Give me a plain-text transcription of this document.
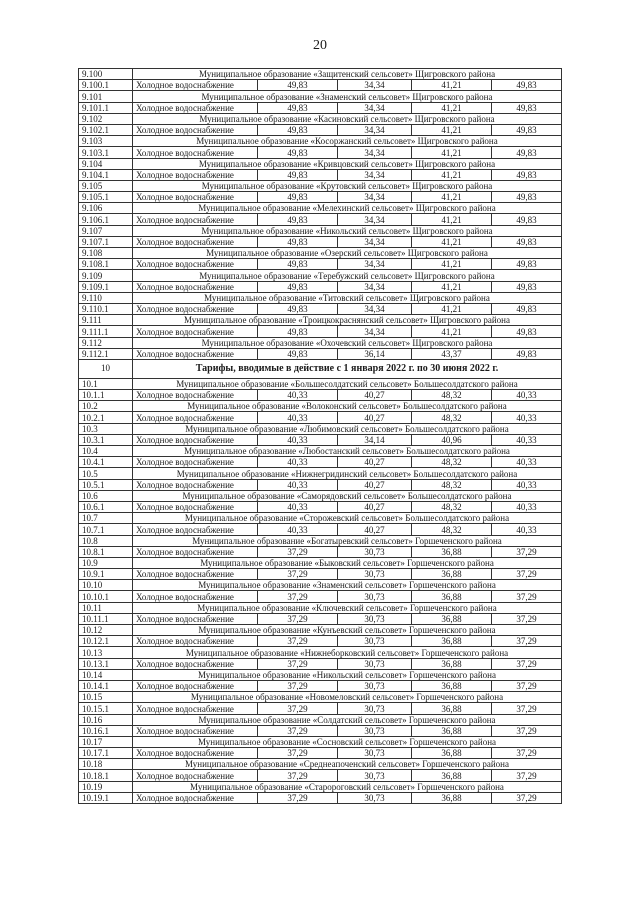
20
9.100	Муниципальное образование «Защитенский сельсовет» Щигровского района				
9.100.1	Холодное водоснабжение	49,83	34,34	41,21	49,83
9.101	Муниципальное образование «Знаменский сельсовет» Щигровского района				
9.101.1	Холодное водоснабжение	49,83	34,34	41,21	49,83
9.102	Муниципальное образование «Касиновский сельсовет» Щигровского района				
9.102.1	Холодное водоснабжение	49,83	34,34	41,21	49,83
9.103	Муниципальное образование «Косоржанский сельсовет» Щигровского района				
9.103.1	Холодное водоснабжение	49,83	34,34	41,21	49,83
9.104	Муниципальное образование «Кривцовский сельсовет» Щигровского района				
9.104.1	Холодное водоснабжение	49,83	34,34	41,21	49,83
9.105	Муниципальное образование «Крутовский сельсовет» Щигровского района				
9.105.1	Холодное водоснабжение	49,83	34,34	41,21	49,83
9.106	Муниципальное образование «Мелехинский сельсовет» Щигровского района				
9.106.1	Холодное водоснабжение	49,83	34,34	41,21	49,83
9.107	Муниципальное образование «Никольский сельсовет» Щигровского района				
9.107.1	Холодное водоснабжение	49,83	34,34	41,21	49,83
9.108	Муниципальное образование «Озерский сельсовет» Щигровского района				
9.108.1	Холодное водоснабжение	49,83	34,34	41,21	49,83
9.109	Муниципальное образование «Теребужский сельсовет» Щигровского района				
9.109.1	Холодное водоснабжение	49,83	34,34	41,21	49,83
9.110	Муниципальное образование «Титовский сельсовет» Щигровского района				
9.110.1	Холодное водоснабжение	49,83	34,34	41,21	49,83
9.111	Муниципальное образование «Троицкокраснянский сельсовет» Щигровского района				
9.111.1	Холодное водоснабжение	49,83	34,34	41,21	49,83
9.112	Муниципальное образование «Охочевский сельсовет» Щигровского района				
9.112.1	Холодное водоснабжение	49,83	36,14	43,37	49,83
10	Тарифы, вводимые в действие с 1 января 2022 г. по 30 июня 2022 г.				
10.1	Муниципальное образование «Большесолдатский сельсовет» Большесолдатского района				
10.1.1	Холодное водоснабжение	40,33	40,27	48,32	40,33
10.2	Муниципальное образование «Волоконский сельсовет» Большесолдатского района				
10.2.1	Холодное водоснабжение	40,33	40,27	48,32	40,33
10.3	Муниципальное образование «Любимовский сельсовет» Большесолдатского района				
10.3.1	Холодное водоснабжение	40,33	34,14	40,96	40,33
10.4	Муниципальное образование «Любостанский сельсовет» Большесолдатского района				
10.4.1	Холодное водоснабжение	40,33	40,27	48,32	40,33
10.5	Муниципальное образование «Нижнегридинский сельсовет» Большесолдатского района				
10.5.1	Холодное водоснабжение	40,33	40,27	48,32	40,33
10.6	Муниципальное образование «Саморядовский сельсовет» Большесолдатского района				
10.6.1	Холодное водоснабжение	40,33	40,27	48,32	40,33
10.7	Муниципальное образование «Сторожевский сельсовет» Большесолдатского района				
10.7.1	Холодное водоснабжение	40,33	40,27	48,32	40,33
10.8	Муниципальное образование «Богатыревский сельсовет» Горшеченского района				
10.8.1	Холодное водоснабжение	37,29	30,73	36,88	37,29
10.9	Муниципальное образование «Быковский сельсовет» Горшеченского района				
10.9.1	Холодное водоснабжение	37,29	30,73	36,88	37,29
10.10	Муниципальное образование «Знаменский сельсовет» Горшеченского района				
10.10.1	Холодное водоснабжение	37,29	30,73	36,88	37,29
10.11	Муниципальное образование «Ключевский сельсовет» Горшеченского района				
10.11.1	Холодное водоснабжение	37,29	30,73	36,88	37,29
10.12	Муниципальное образование «Кунъевский сельсовет» Горшеченского района				
10.12.1	Холодное водоснабжение	37,29	30,73	36,88	37,29
10.13	Муниципальное образование «Нижнеборковский сельсовет» Горшеченского района				
10.13.1	Холодное водоснабжение	37,29	30,73	36,88	37,29
10.14	Муниципальное образование «Никольский сельсовет» Горшеченского района				
10.14.1	Холодное водоснабжение	37,29	30,73	36,88	37,29
10.15	Муниципальное образование «Новомеловский сельсовет» Горшеченского района				
10.15.1	Холодное водоснабжение	37,29	30,73	36,88	37,29
10.16	Муниципальное образование «Солдатский сельсовет» Горшеченского района				
10.16.1	Холодное водоснабжение	37,29	30,73	36,88	37,29
10.17	Муниципальное образование «Сосновский сельсовет» Горшеченского района				
10.17.1	Холодное водоснабжение	37,29	30,73	36,88	37,29
10.18	Муниципальное образование «Среднеапоченский сельсовет» Горшеченского района				
10.18.1	Холодное водоснабжение	37,29	30,73	36,88	37,29
10.19	Муниципальное образование «Старороговский сельсовет» Горшеченского района				
10.19.1	Холодное водоснабжение	37,29	30,73	36,88	37,29
